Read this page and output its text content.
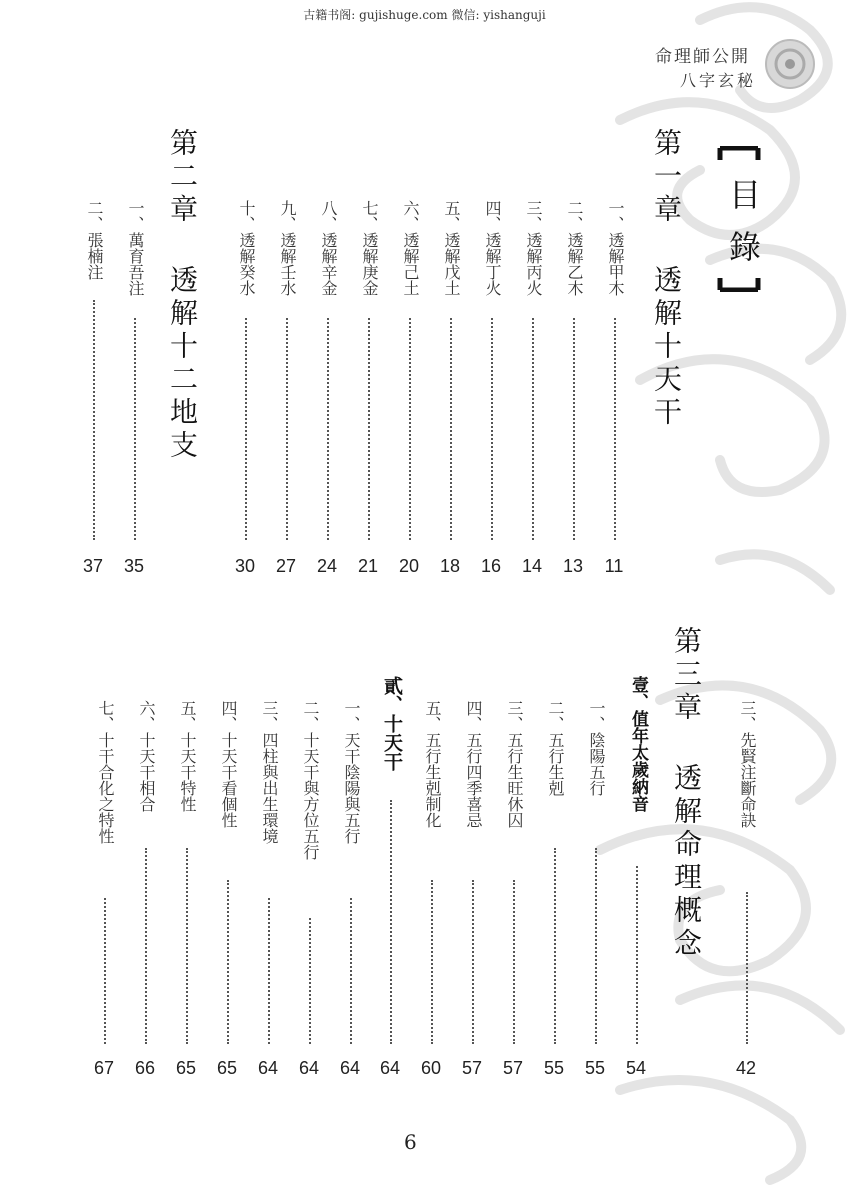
古籍书阁: gujishuge.com 微信: yishanguji
命理師公開
八字玄秘
目錄
第一章 透解十天干
第二章 透解十二地支
第三章 透解命理概念
一、透解甲木
11
二、透解乙木
13
三、透解丙火
14
四、透解丁火
16
五、透解戊土
18
六、透解己土
20
七、透解庚金
21
八、透解辛金
24
九、透解壬水
27
十、透解癸水
30
一、萬育吾注
35
二、張楠注
37
三、先賢注斷命訣
42
壹、值年太歲納音
54
一、陰陽五行
55
二、五行生剋
55
三、五行生旺休囚
57
四、五行四季喜忌
57
五、五行生剋制化
60
貳、十天干
64
一、天干陰陽與五行
64
二、十天干與方位五行
64
三、四柱與出生環境
64
四、十天干看個性
65
五、十天干特性
65
六、十天干相合
66
七、十干合化之特性
67
6
